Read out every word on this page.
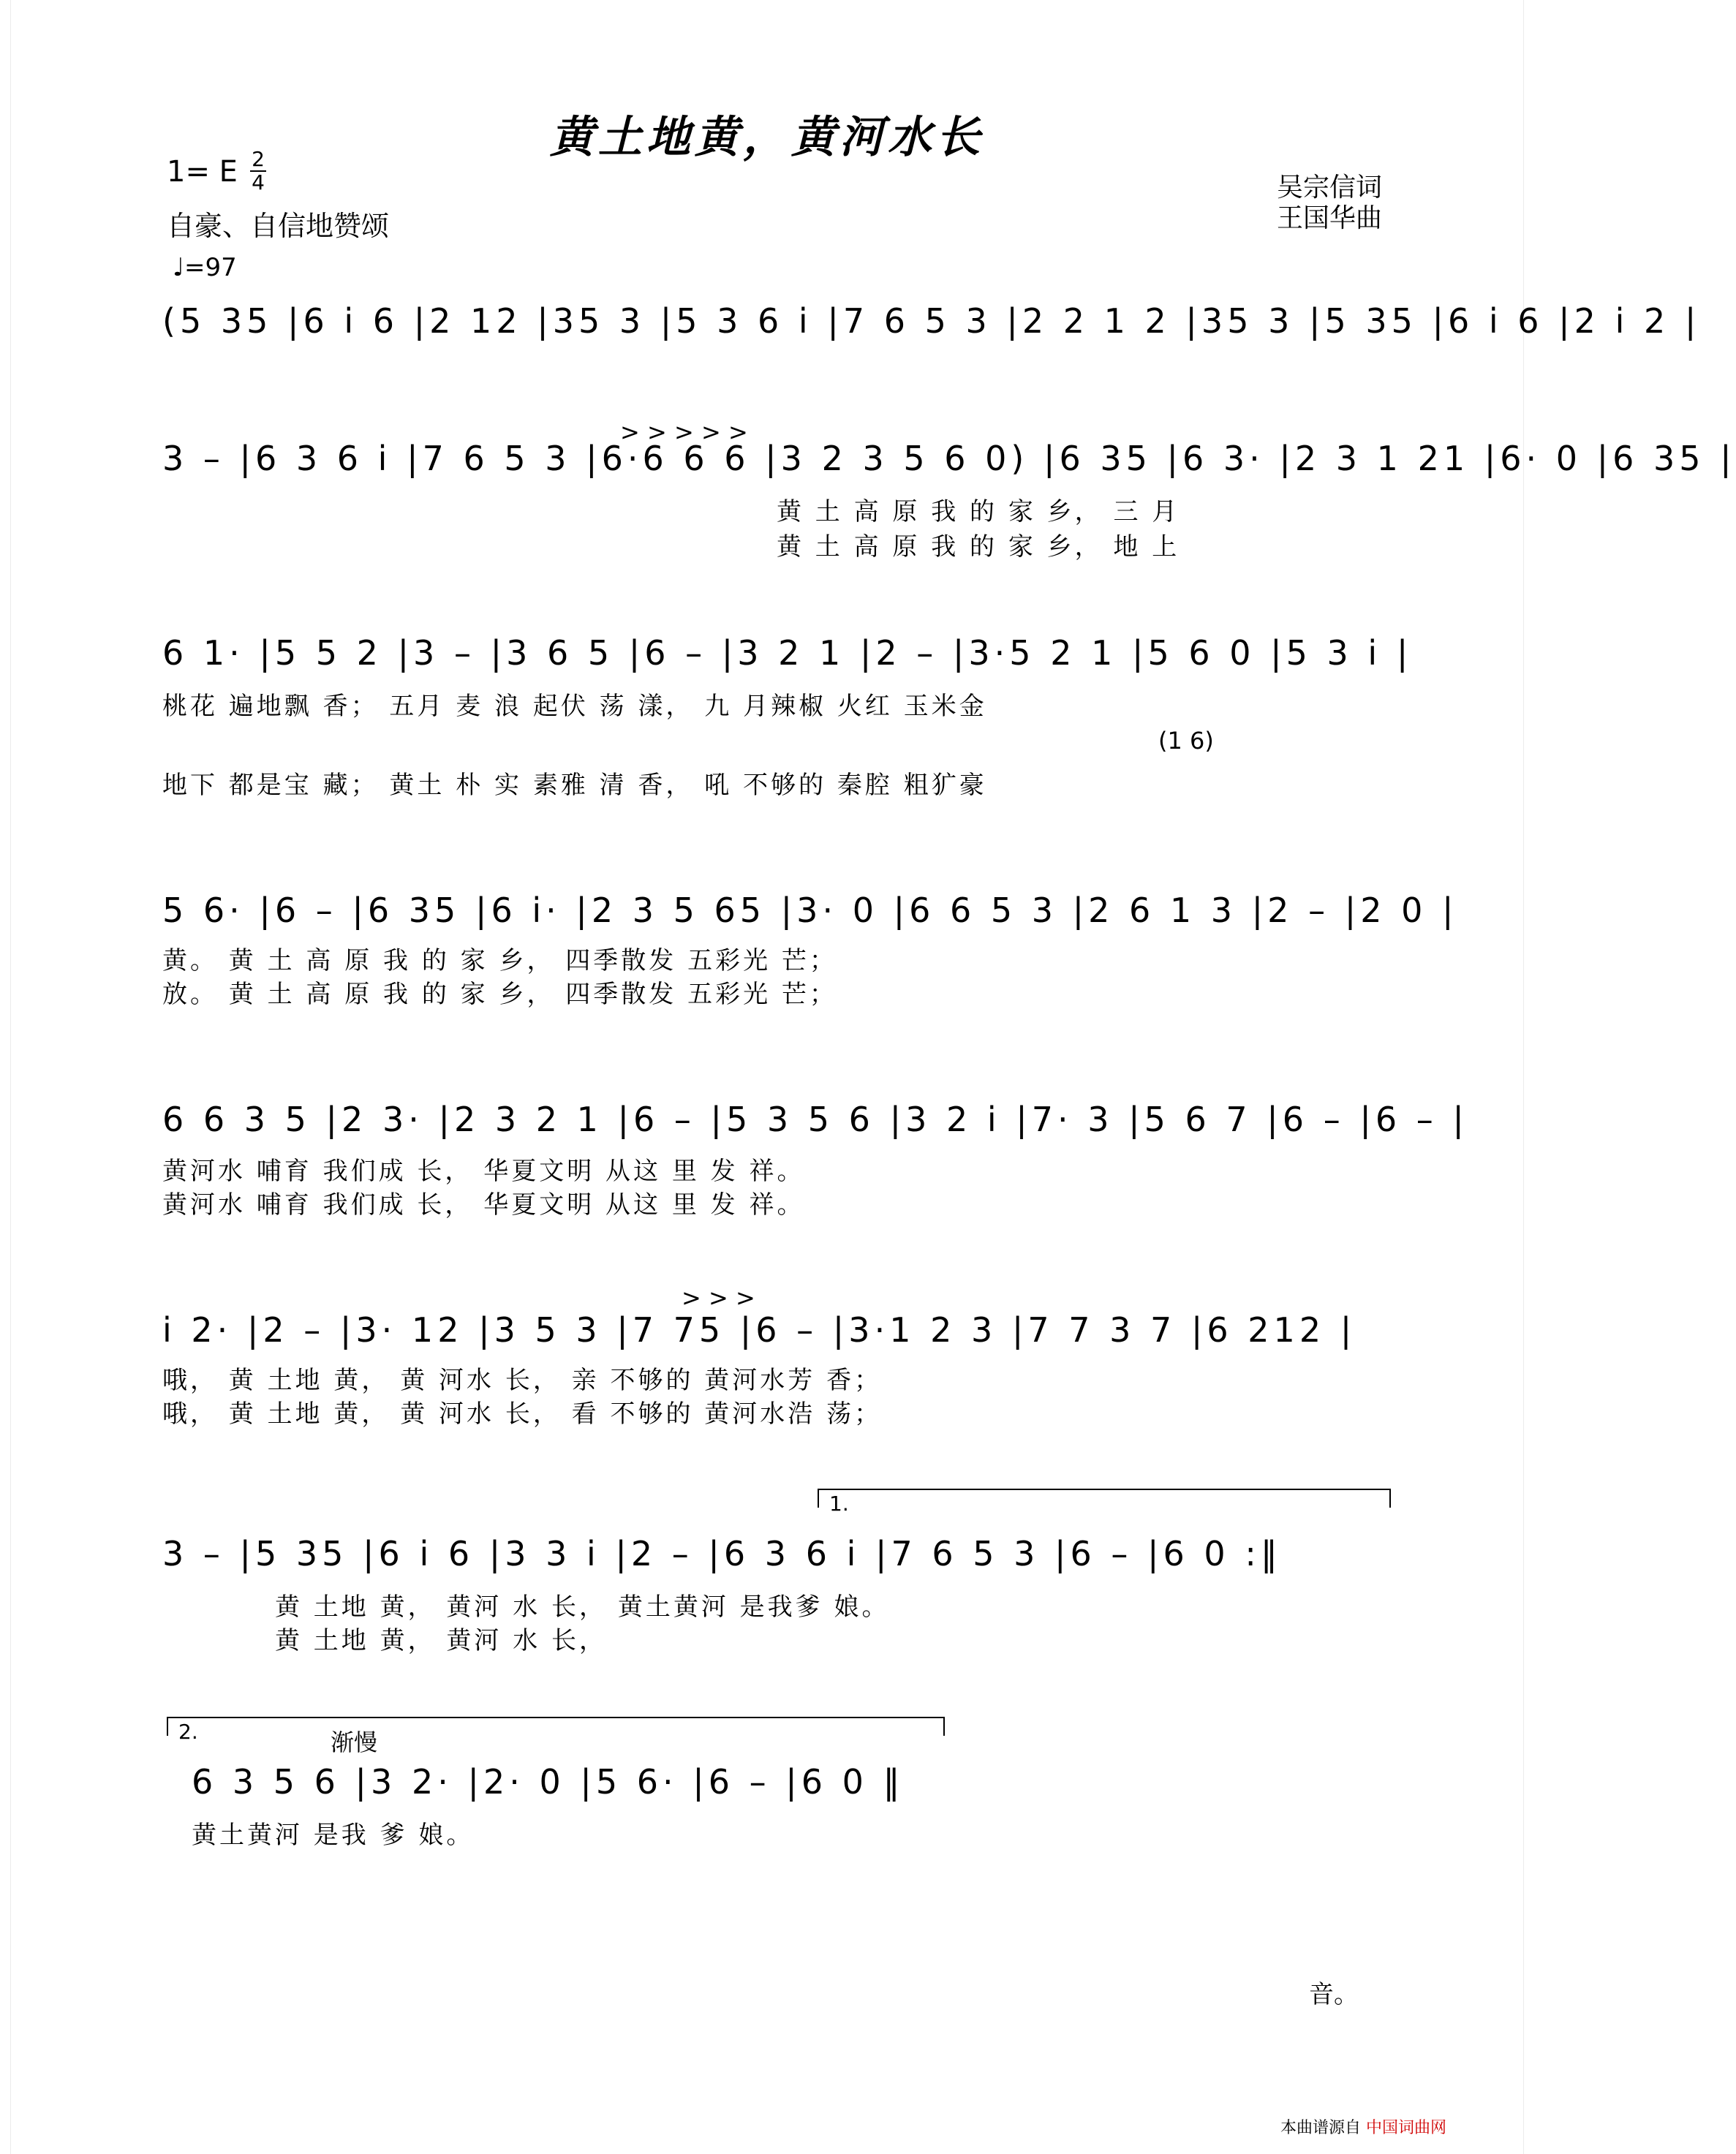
黄土地黄，黄河水长
1= E 2
4
自豪、自信地赞颂
♩=97
吴宗信词
王国华曲
(5 35 |6 i 6 |2 12 |35 3 |5 3 6 i |7 6 5 3 |2 2 1 2 |35 3 |5 35 |6 i 6 |2 i 2 |
> > > > >
3 – |6 3 6 i |7 6 5 3 |6·6 6 6 |3 2 3 5 6 0) |6 35 |6 3· |2 3 1 21 |6· 0 |6 35 |
黄 土 高 原 我 的 家 乡， 三 月
黄 土 高 原 我 的 家 乡， 地 上
6 1· |5 5 2 |3 – |3 6 5 |6 – |3 2 1 |2 – |3·5 2 1 |5 6 0 |5 3 i |
桃花 遍地飘 香； 五月 麦 浪 起伏 荡 漾， 九 月辣椒 火红 玉米金
(1 6)
地下 都是宝 藏； 黄土 朴 实 素雅 清 香， 吼 不够的 秦腔 粗犷豪
5 6· |6 – |6 35 |6 i· |2 3 5 65 |3· 0 |6 6 5 3 |2 6 1 3 |2 – |2 0 |
黄。 黄 土 高 原 我 的 家 乡， 四季散发 五彩光 芒；
放。 黄 土 高 原 我 的 家 乡， 四季散发 五彩光 芒；
6 6 3 5 |2 3· |2 3 2 1 |6 – |5 3 5 6 |3 2 i |7· 3 |5 6 7 |6 – |6 – |
黄河水 哺育 我们成 长， 华夏文明 从这 里 发 祥。
黄河水 哺育 我们成 长， 华夏文明 从这 里 发 祥。
> > >
i 2· |2 – |3· 12 |3 5 3 |7 75 |6 – |3·1 2 3 |7 7 3 7 |6 212 |
哦， 黄 土地 黄， 黄 河水 长， 亲 不够的 黄河水芳 香；
哦， 黄 土地 黄， 黄 河水 长， 看 不够的 黄河水浩 荡；
1.
3 – |5 35 |6 i 6 |3 3 i |2 – |6 3 6 i |7 6 5 3 |6 – |6 0 :‖
黄 土地 黄， 黄河 水 长， 黄土黄河 是我爹 娘。
黄 土地 黄， 黄河 水 长，
2.	渐慢
6 3 5 6 |3 2· |2· 0 |5 6· |6 – |6 0 ‖
黄土黄河 是我 爹 娘。
音。
本曲谱源自 中国词曲网
